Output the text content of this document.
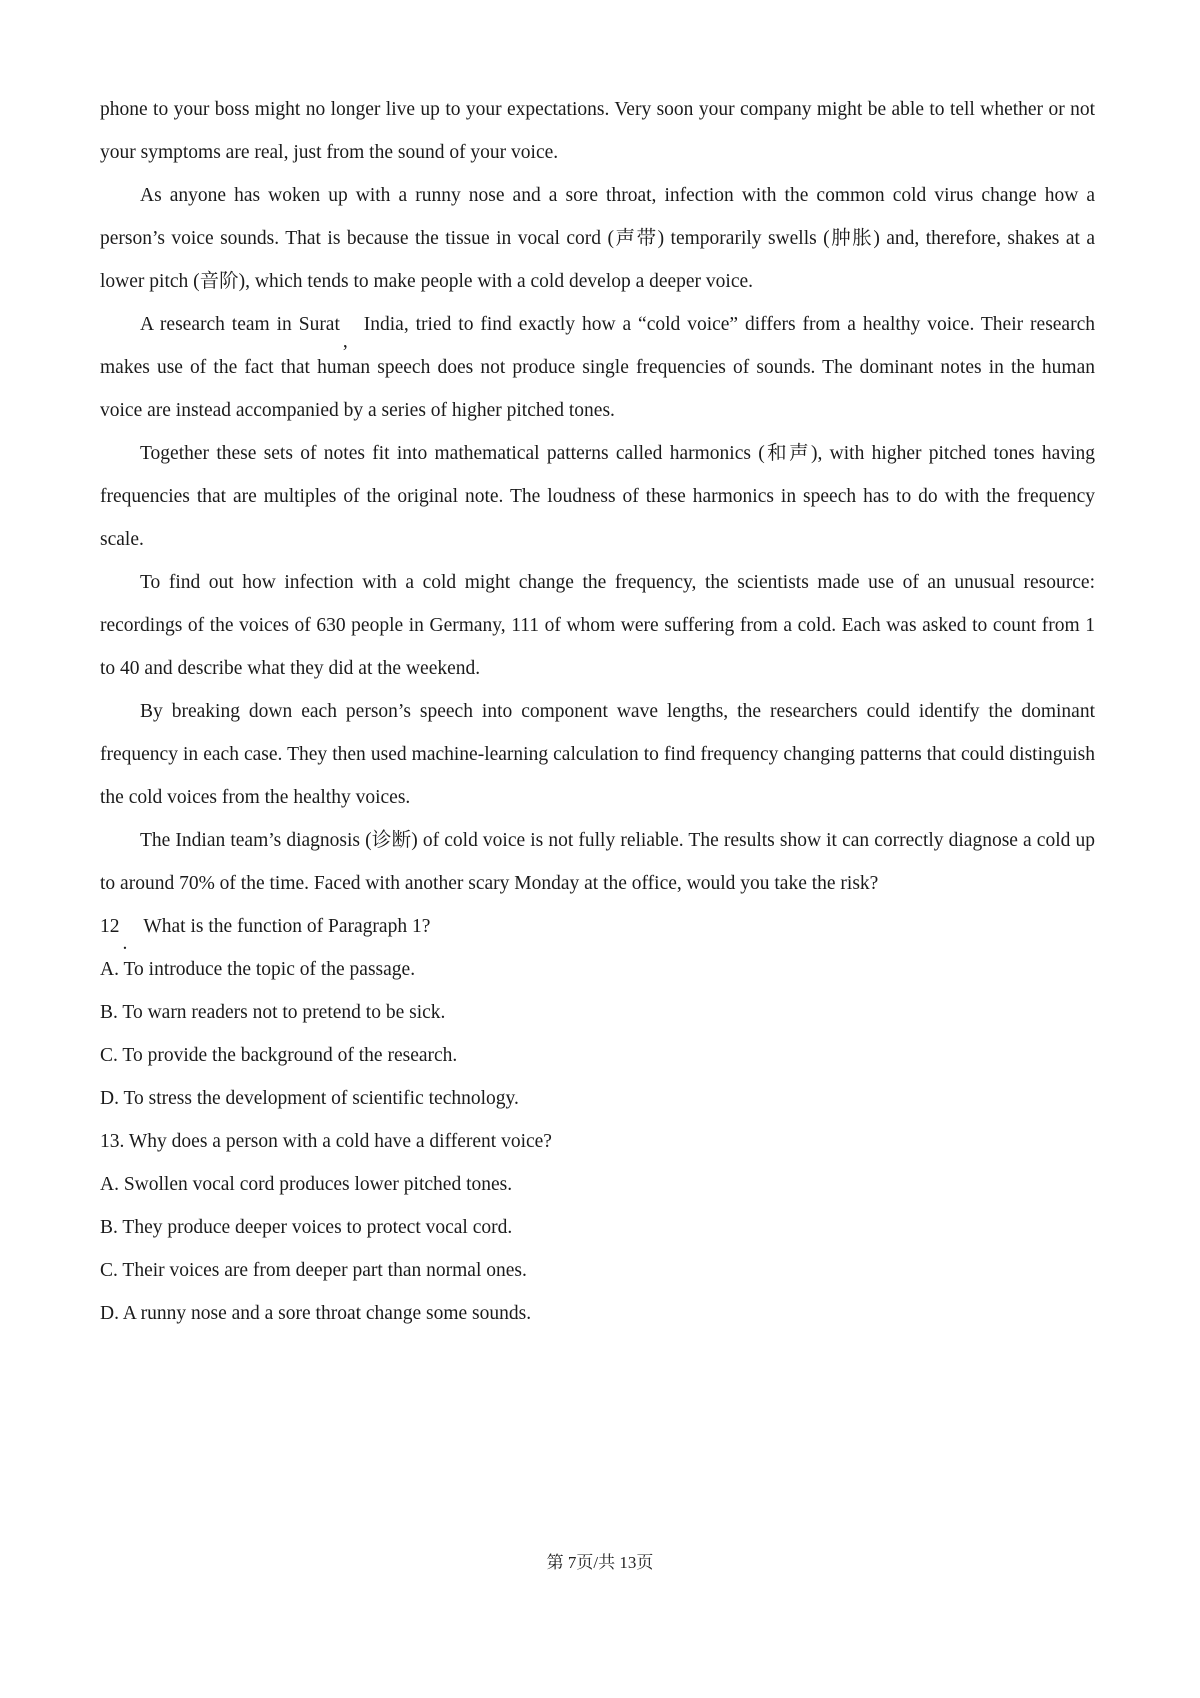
phone to your boss might no longer live up to your expectations. Very soon your company might be able to tell whether or not your symptoms are real, just from the sound of your voice.

As anyone has woken up with a runny nose and a sore throat, infection with the common cold virus change how a person’s voice sounds. That is because the tissue in vocal cord (声带) temporarily swells (肿胀) and, therefore, shakes at a lower pitch (音阶), which tends to make people with a cold develop a deeper voice.

A research team in Surat,India, tried to find exactly how a “cold voice” differs from a healthy voice. Their research makes use of the fact that human speech does not produce single frequencies of sounds. The dominant notes in the human voice are instead accompanied by a series of higher pitched tones.

Together these sets of notes fit into mathematical patterns called harmonics (和声), with higher pitched tones having frequencies that are multiples of the original note. The loudness of these harmonics in speech has to do with the frequency scale.

To find out how infection with a cold might change the frequency, the scientists made use of an unusual resource: recordings of the voices of 630 people in Germany, 111 of whom were suffering from a cold. Each was asked to count from 1 to 40 and describe what they did at the weekend.

By breaking down each person’s speech into component wave lengths, the researchers could identify the dominant frequency in each case. They then used machine-learning calculation to find frequency changing patterns that could distinguish the cold voices from the healthy voices.

The Indian team’s diagnosis (诊断) of cold voice is not fully reliable. The results show it can correctly diagnose a cold up to around 70% of the time. Faced with another scary Monday at the office, would you take the risk?

12.What is the function of Paragraph 1?

A. To introduce the topic of the passage.

B. To warn readers not to pretend to be sick.

C. To provide the background of the research.

D. To stress the development of scientific technology.

13. Why does a person with a cold have a different voice?

A. Swollen vocal cord produces lower pitched tones.

B. They produce deeper voices to protect vocal cord.

C. Their voices are from deeper part than normal ones.

D. A runny nose and a sore throat change some sounds.

第 7页/共 13页
